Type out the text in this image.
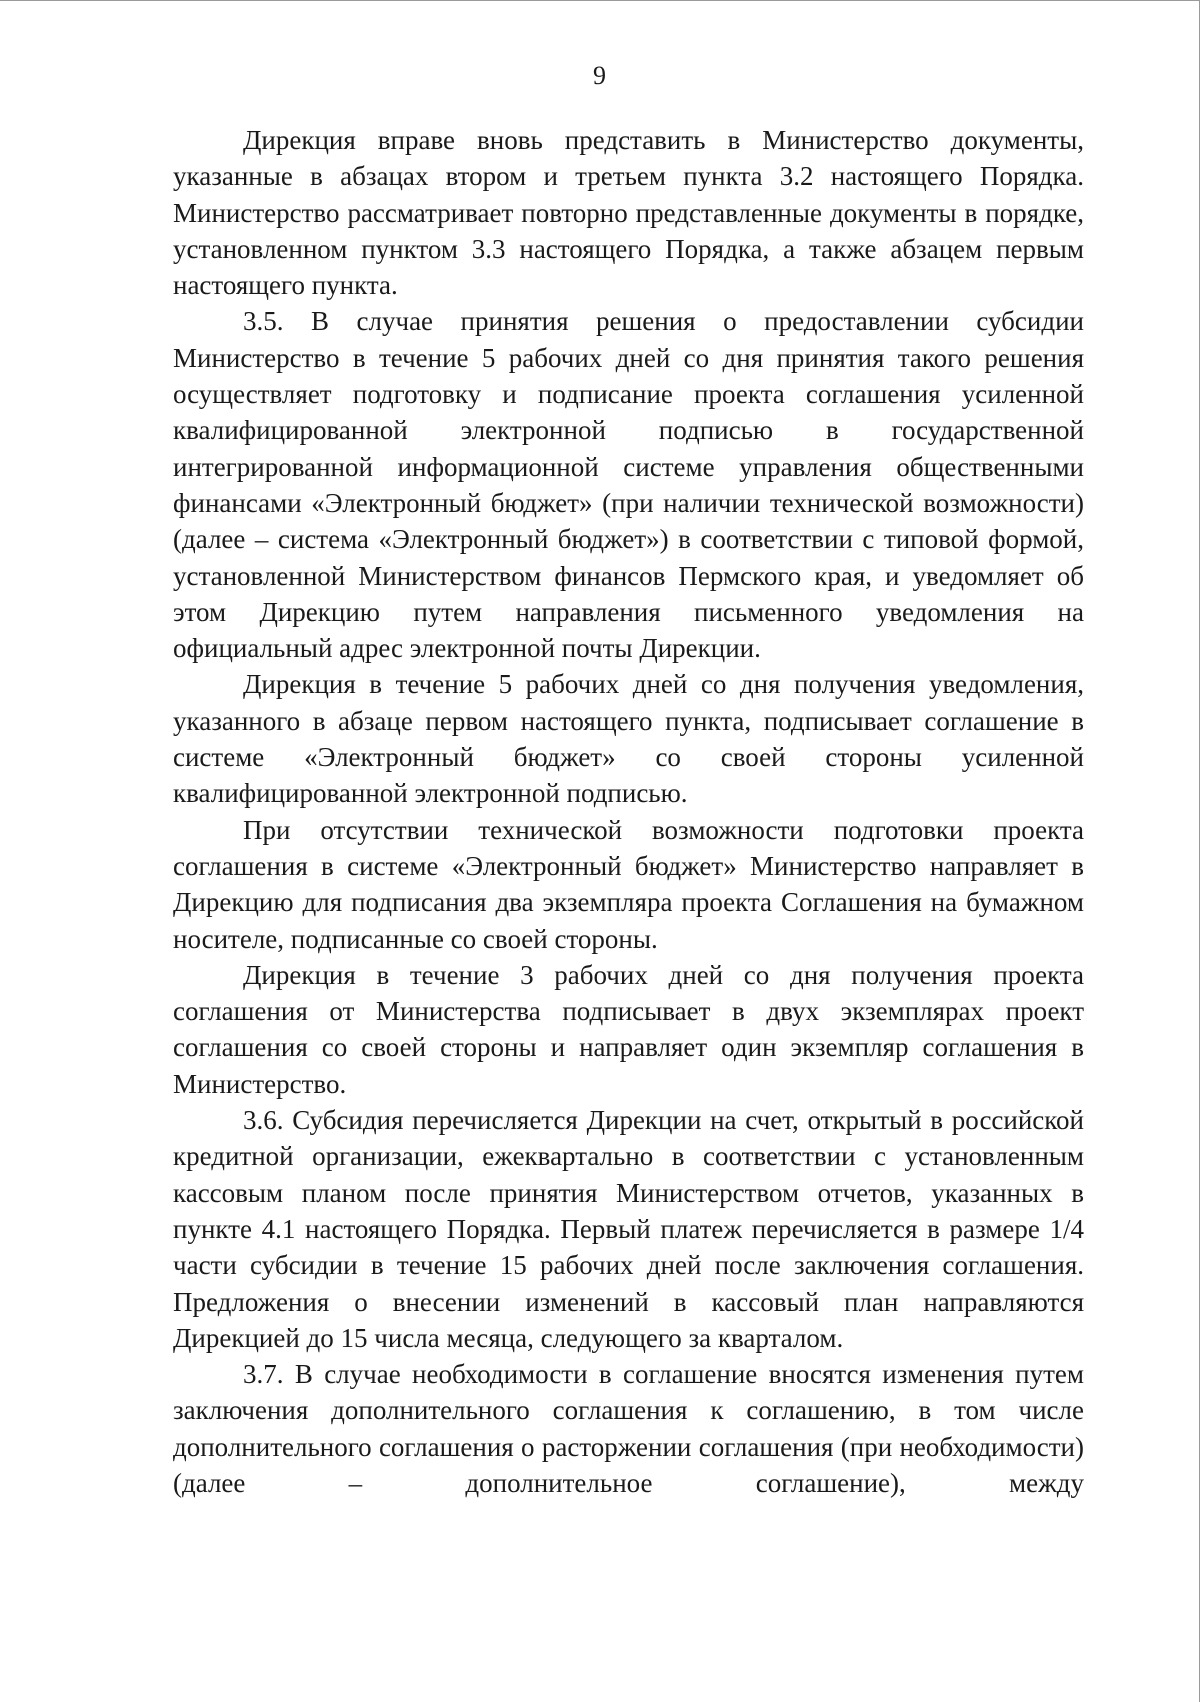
9

Дирекция вправе вновь представить в Министерство документы, указанные в абзацах втором и третьем пункта 3.2 настоящего Порядка. Министерство рассматривает повторно представленные документы в порядке, установленном пунктом 3.3 настоящего Порядка, а также абзацем первым настоящего пункта.

3.5. В случае принятия решения о предоставлении субсидии Министерство в течение 5 рабочих дней со дня принятия такого решения осуществляет подготовку и подписание проекта соглашения усиленной квалифицированной электронной подписью в государственной интегрированной информационной системе управления общественными финансами «Электронный бюджет» (при наличии технической возможности) (далее – система «Электронный бюджет») в соответствии с типовой формой, установленной Министерством финансов Пермского края, и уведомляет об этом Дирекцию путем направления письменного уведомления на официальный адрес электронной почты Дирекции.

Дирекция в течение 5 рабочих дней со дня получения уведомления, указанного в абзаце первом настоящего пункта, подписывает соглашение в системе «Электронный бюджет» со своей стороны усиленной квалифицированной электронной подписью.

При отсутствии технической возможности подготовки проекта соглашения в системе «Электронный бюджет» Министерство направляет в Дирекцию для подписания два экземпляра проекта Соглашения на бумажном носителе, подписанные со своей стороны.

Дирекция в течение 3 рабочих дней со дня получения проекта соглашения от Министерства подписывает в двух экземплярах проект соглашения со своей стороны и направляет один экземпляр соглашения в Министерство.

3.6. Субсидия перечисляется Дирекции на счет, открытый в российской кредитной организации, ежеквартально в соответствии с установленным кассовым планом после принятия Министерством отчетов, указанных в пункте 4.1 настоящего Порядка. Первый платеж перечисляется в размере 1/4 части субсидии в течение 15 рабочих дней после заключения соглашения. Предложения о внесении изменений в кассовый план направляются Дирекцией до 15 числа месяца, следующего за кварталом.

3.7. В случае необходимости в соглашение вносятся изменения путем заключения дополнительного соглашения к соглашению, в том числе дополнительного соглашения о расторжении соглашения (при необходимости) (далее – дополнительное соглашение), между
